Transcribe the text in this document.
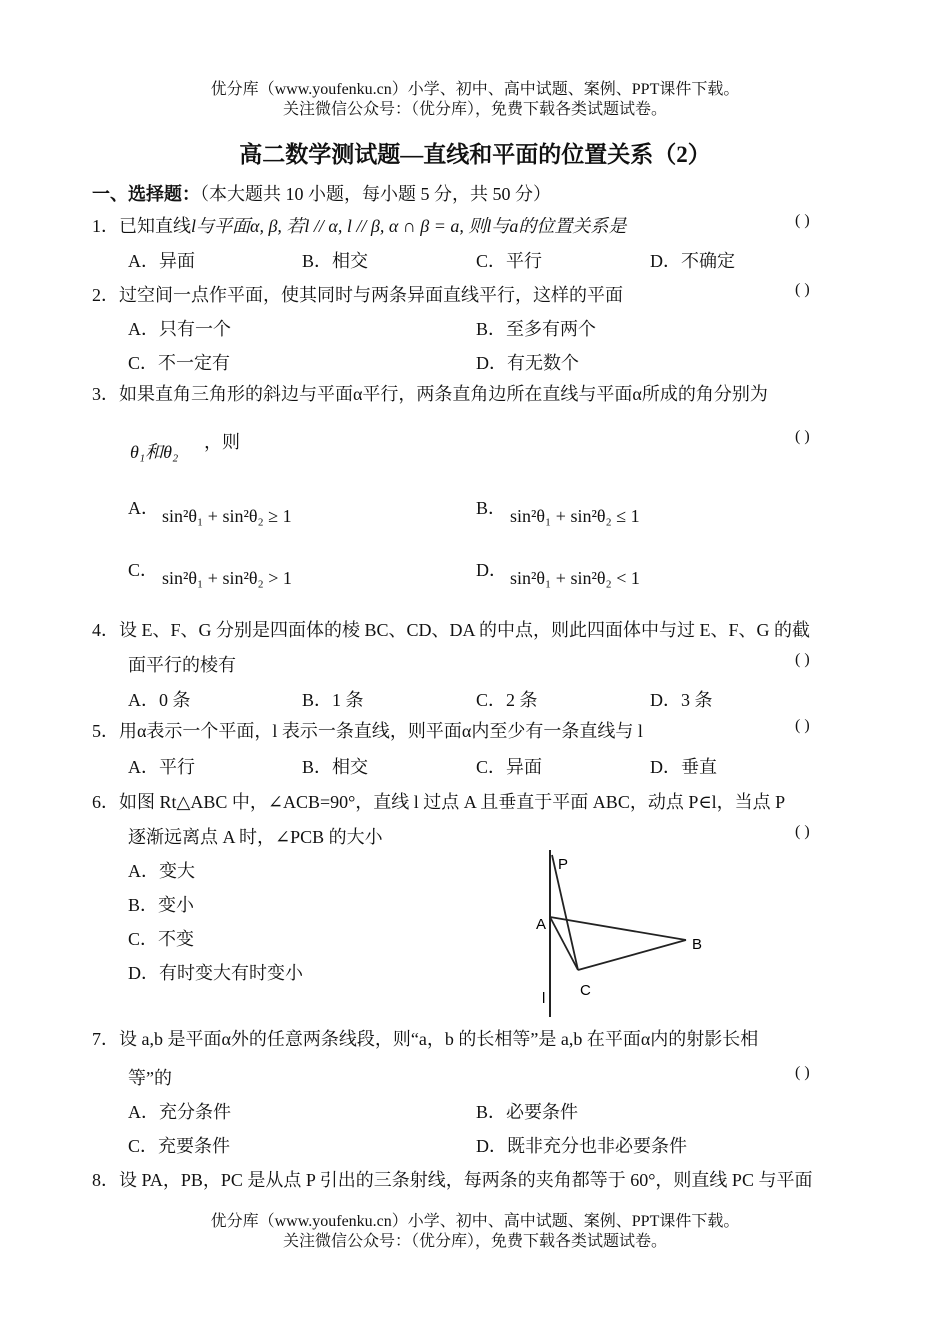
优分库（www.youfenku.cn）小学、初中、高中试题、案例、PPT课件下载。
关注微信公众号：（优分库），免费下载各类试题试卷。
高二数学测试题—直线和平面的位置关系（2）
一、选择题：（本大题共 10 小题，每小题 5 分，共 50 分）
1．已知直线l与平面α, β, 若l // α, l // β, α ∩ β = a, 则l与a的位置关系是	( )
A．异面	B．相交	C．平行	D．不确定
2．过空间一点作平面，使其同时与两条异面直线平行，这样的平面	( )
A．只有一个	B．至多有两个
C．不一定有	D．有无数个
3．如果直角三角形的斜边与平面α平行，两条直角边所在直线与平面α所成的角分别为
θ₁和θ₂ ，则	( )
A． sin²θ₁ + sin²θ₂ ≥ 1	B． sin²θ₁ + sin²θ₂ ≤ 1
C． sin²θ₁ + sin²θ₂ > 1	D． sin²θ₁ + sin²θ₂ < 1
4．设 E、F、G 分别是四面体的棱 BC、CD、DA 的中点，则此四面体中与过 E、F、G 的截
面平行的棱有	( )
A．0 条	B．1 条	C．2 条	D．3 条
5．用α表示一个平面，l 表示一条直线，则平面α内至少有一条直线与 l	( )
A．平行	B．相交	C．异面	D．垂直
6．如图 Rt△ABC 中，∠ACB=90°，直线 l 过点 A 且垂直于平面 ABC，动点 P∈l，当点 P
逐渐远离点 A 时，∠PCB 的大小	( )
A．变大
B．变小
C．不变
D．有时变大有时变小
P
A
B
C
l
7．设 a,b 是平面α外的任意两条线段，则“a，b 的长相等”是 a,b 在平面α内的射影长相
等”的	( )
A．充分条件	B．必要条件
C．充要条件	D．既非充分也非必要条件
8．设 PA，PB，PC 是从点 P 引出的三条射线，每两条的夹角都等于 60°，则直线 PC 与平面
优分库（www.youfenku.cn）小学、初中、高中试题、案例、PPT课件下载。
关注微信公众号：（优分库），免费下载各类试题试卷。
